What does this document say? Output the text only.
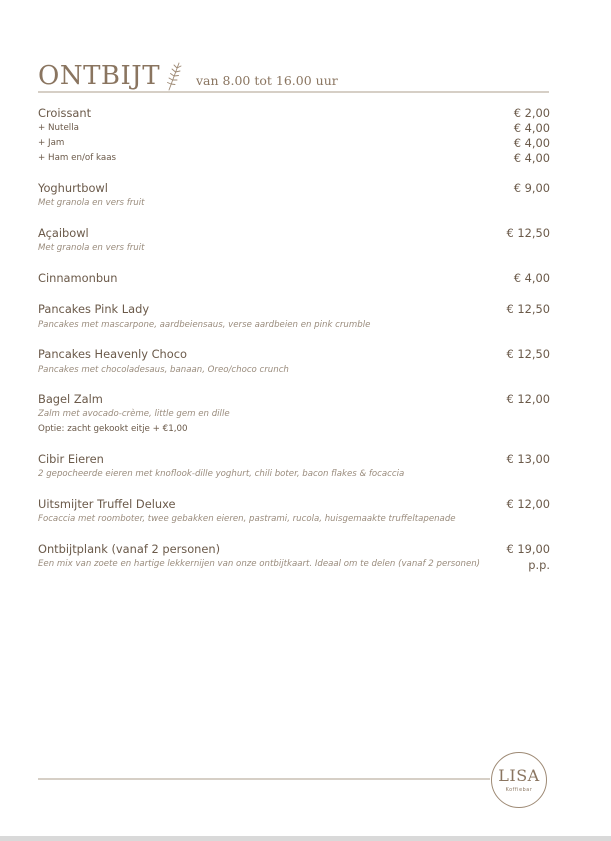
ONTBIJT	van 8.00 tot 16.00 uur
Croissant	€ 2,00
+ Nutella	€ 4,00
+ Jam	€ 4,00
+ Ham en/of kaas	€ 4,00
Yoghurtbowl	€ 9,00
Met granola en vers fruit
Açaibowl	€ 12,50
Met granola en vers fruit
Cinnamonbun	€ 4,00
Pancakes Pink Lady	€ 12,50
Pancakes met mascarpone, aardbeiensaus, verse aardbeien en pink crumble
Pancakes Heavenly Choco	€ 12,50
Pancakes met chocoladesaus, banaan, Oreo/choco crunch
Bagel Zalm	€ 12,00
Zalm met avocado-crème, little gem en dille
Optie: zacht gekookt eitje + €1,00
Cibir Eieren	€ 13,00
2 gepocheerde eieren met knoflook-dille yoghurt, chili boter, bacon flakes & focaccia
Uitsmijter Truffel Deluxe	€ 12,00
Focaccia met roomboter, twee gebakken eieren, pastrami, rucola, huisgemaakte truffeltapenade
Ontbijtplank (vanaf 2 personen)	€ 19,00
Een mix van zoete en hartige lekkernijen van onze ontbijtkaart. Ideaal om te delen (vanaf 2 personen)	p.p.
LISA
Koffiebar
